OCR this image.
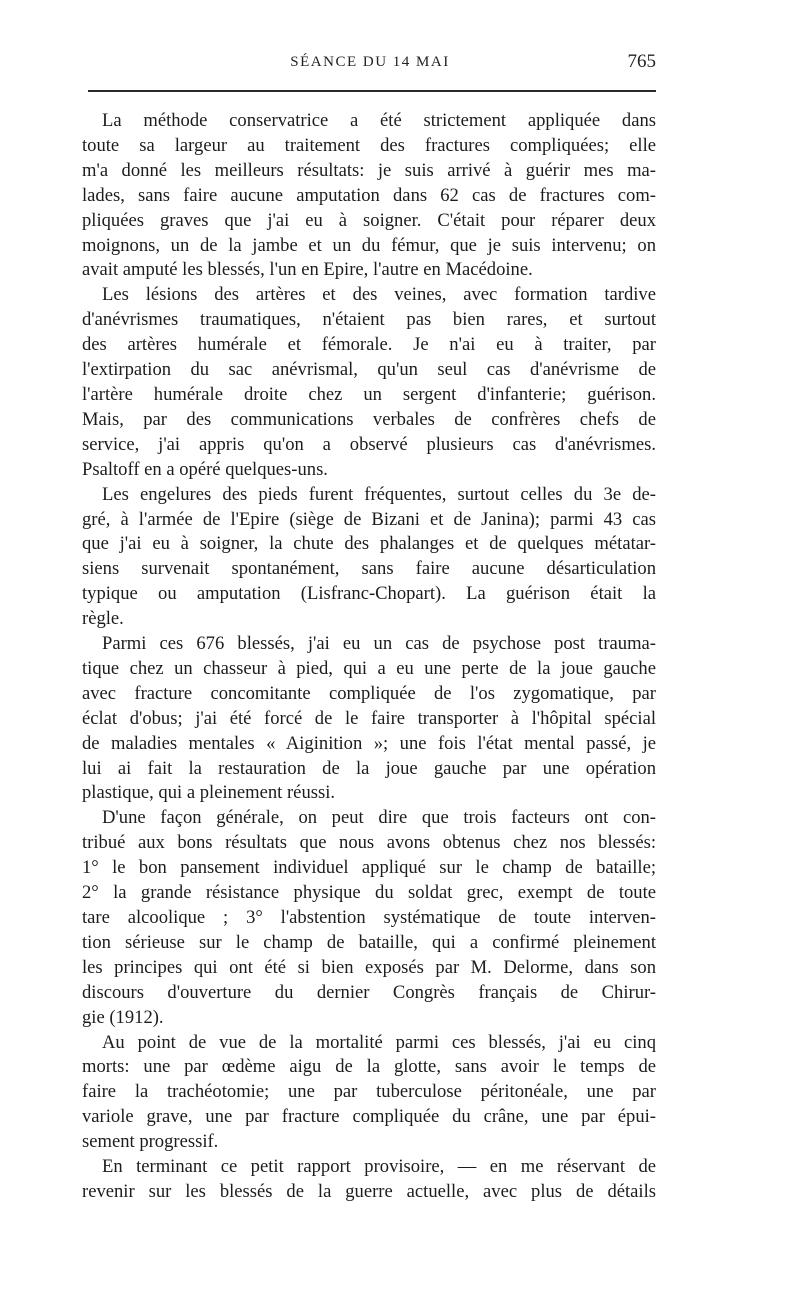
SÉANCE DU 14 MAI	765

La méthode conservatrice a été strictement appliquée dans
toute sa largeur au traitement des fractures compliquées; elle
m'a donné les meilleurs résultats: je suis arrivé à guérir mes ma-
lades, sans faire aucune amputation dans 62 cas de fractures com-
pliquées graves que j'ai eu à soigner. C'était pour réparer deux
moignons, un de la jambe et un du fémur, que je suis intervenu; on
avait amputé les blessés, l'un en Epire, l'autre en Macédoine.

Les lésions des artères et des veines, avec formation tardive
d'anévrismes traumatiques, n'étaient pas bien rares, et surtout
des artères humérale et fémorale. Je n'ai eu à traiter, par
l'extirpation du sac anévrismal, qu'un seul cas d'anévrisme de
l'artère humérale droite chez un sergent d'infanterie; guérison.
Mais, par des communications verbales de confrères chefs de
service, j'ai appris qu'on a observé plusieurs cas d'anévrismes.
Psaltoff en a opéré quelques-uns.

Les engelures des pieds furent fréquentes, surtout celles du 3e de-
gré, à l'armée de l'Epire (siège de Bizani et de Janina); parmi 43 cas
que j'ai eu à soigner, la chute des phalanges et de quelques métatar-
siens survenait spontanément, sans faire aucune désarticulation
typique ou amputation (Lisfranc-Chopart). La guérison était la
règle.

Parmi ces 676 blessés, j'ai eu un cas de psychose post trauma-
tique chez un chasseur à pied, qui a eu une perte de la joue gauche
avec fracture concomitante compliquée de l'os zygomatique, par
éclat d'obus; j'ai été forcé de le faire transporter à l'hôpital spécial
de maladies mentales « Aiginition »; une fois l'état mental passé, je
lui ai fait la restauration de la joue gauche par une opération
plastique, qui a pleinement réussi.

D'une façon générale, on peut dire que trois facteurs ont con-
tribué aux bons résultats que nous avons obtenus chez nos blessés:
1° le bon pansement individuel appliqué sur le champ de bataille;
2° la grande résistance physique du soldat grec, exempt de toute
tare alcoolique ; 3° l'abstention systématique de toute interven-
tion sérieuse sur le champ de bataille, qui a confirmé pleinement
les principes qui ont été si bien exposés par M. Delorme, dans son
discours d'ouverture du dernier Congrès français de Chirur-
gie (1912).

Au point de vue de la mortalité parmi ces blessés, j'ai eu cinq
morts: une par œdème aigu de la glotte, sans avoir le temps de
faire la trachéotomie; une par tuberculose péritonéale, une par
variole grave, une par fracture compliquée du crâne, une par épui-
sement progressif.

En terminant ce petit rapport provisoire, — en me réservant de
revenir sur les blessés de la guerre actuelle, avec plus de détails
